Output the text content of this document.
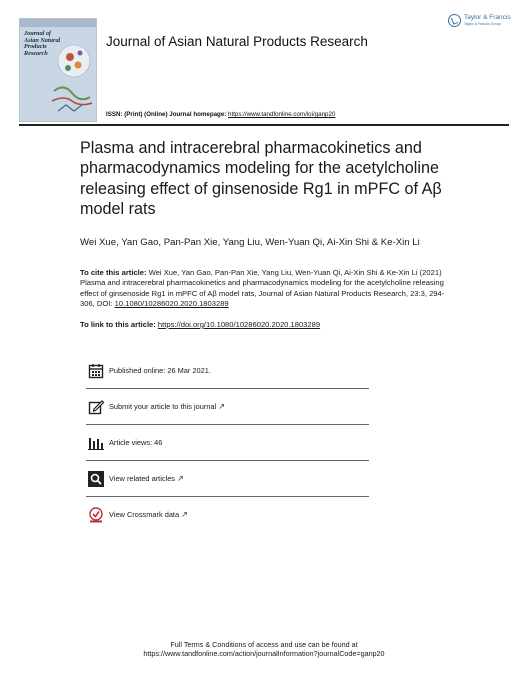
Journal of
Asian Natural
Products
Research
Journal of Asian Natural Products Research
Taylor & Francis
Taylor & Francis Group
ISSN: (Print) (Online) Journal homepage: https://www.tandfonline.com/loi/ganp20
Plasma and intracerebral pharmacokinetics and pharmacodynamics modeling for the acetylcholine releasing effect of ginsenoside Rg1 in mPFC of Aβ model rats
Wei Xue, Yan Gao, Pan-Pan Xie, Yang Liu, Wen-Yuan Qi, Ai-Xin Shi & Ke-Xin Li
To cite this article: Wei Xue, Yan Gao, Pan-Pan Xie, Yang Liu, Wen-Yuan Qi, Ai-Xin Shi & Ke-Xin Li (2021) Plasma and intracerebral pharmacokinetics and pharmacodynamics modeling for the acetylcholine releasing effect of ginsenoside Rg1 in mPFC of Aβ model rats, Journal of Asian Natural Products Research, 23:3, 294-306, DOI: 10.1080/10286020.2020.1803289
To link to this article: https://doi.org/10.1080/10286020.2020.1803289
Published online: 26 Mar 2021.
Submit your article to this journal ↗
Article views: 46
View related articles ↗
View Crossmark data ↗
Full Terms & Conditions of access and use can be found at
https://www.tandfonline.com/action/journalInformation?journalCode=ganp20
